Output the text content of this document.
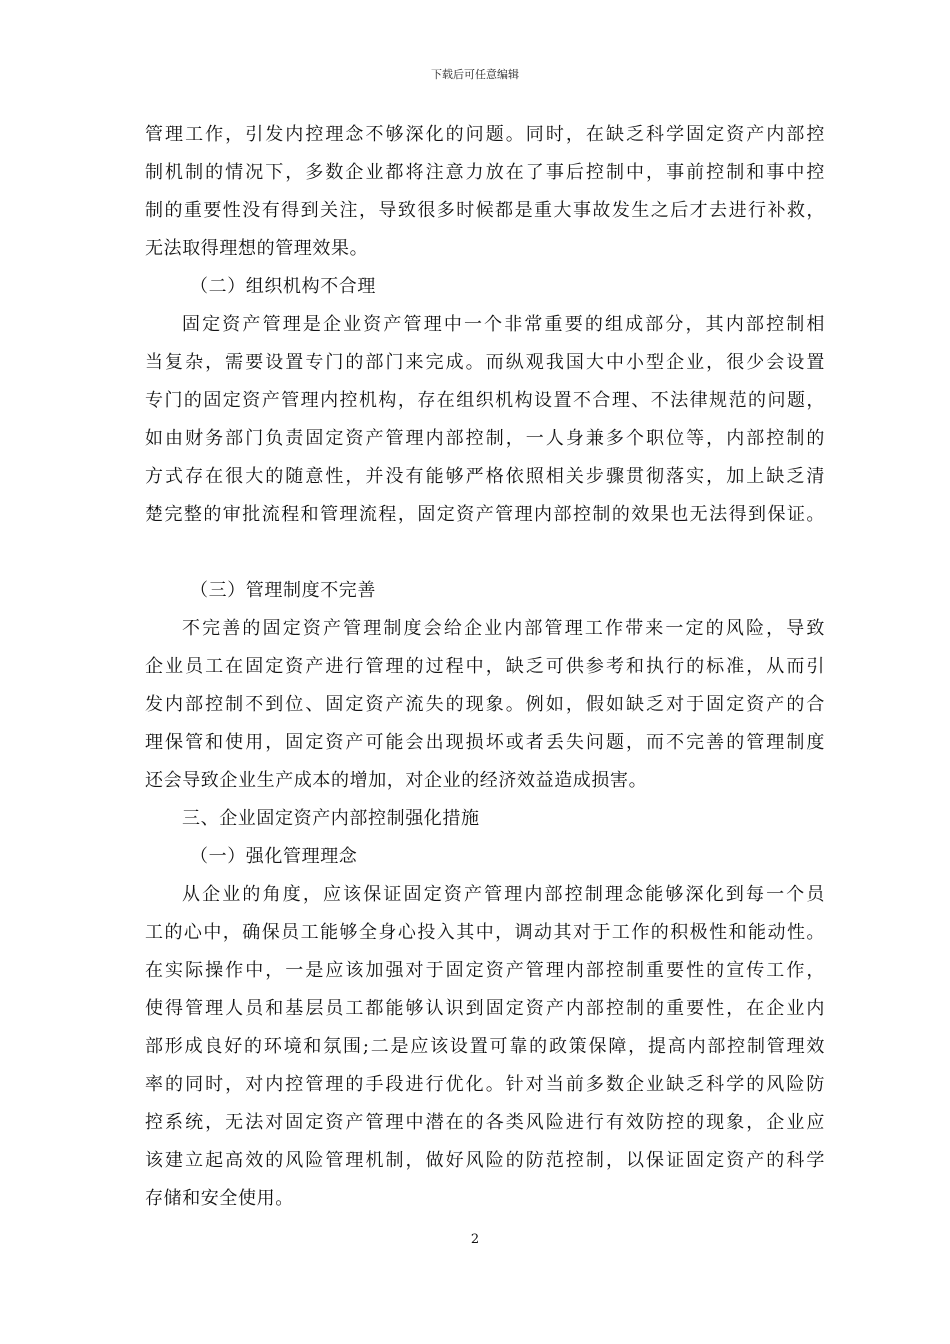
下载后可任意编辑
管理工作，引发内控理念不够深化的问题。同时，在缺乏科学固定资产内部控
制机制的情况下，多数企业都将注意力放在了事后控制中，事前控制和事中控
制的重要性没有得到关注，导致很多时候都是重大事故发生之后才去进行补救，
无法取得理想的管理效果。
（二）组织机构不合理
固定资产管理是企业资产管理中一个非常重要的组成部分，其内部控制相
当复杂，需要设置专门的部门来完成。而纵观我国大中小型企业，很少会设置
专门的固定资产管理内控机构，存在组织机构设置不合理、不法律规范的问题，
如由财务部门负责固定资产管理内部控制，一人身兼多个职位等，内部控制的
方式存在很大的随意性，并没有能够严格依照相关步骤贯彻落实，加上缺乏清
楚完整的审批流程和管理流程，固定资产管理内部控制的效果也无法得到保证。
（三）管理制度不完善
不完善的固定资产管理制度会给企业内部管理工作带来一定的风险，导致
企业员工在固定资产进行管理的过程中，缺乏可供参考和执行的标准，从而引
发内部控制不到位、固定资产流失的现象。例如，假如缺乏对于固定资产的合
理保管和使用，固定资产可能会出现损坏或者丢失问题，而不完善的管理制度
还会导致企业生产成本的增加，对企业的经济效益造成损害。
三、企业固定资产内部控制强化措施
（一）强化管理理念
从企业的角度，应该保证固定资产管理内部控制理念能够深化到每一个员
工的心中，确保员工能够全身心投入其中，调动其对于工作的积极性和能动性。
在实际操作中，一是应该加强对于固定资产管理内部控制重要性的宣传工作，
使得管理人员和基层员工都能够认识到固定资产内部控制的重要性，在企业内
部形成良好的环境和氛围;二是应该设置可靠的政策保障，提高内部控制管理效
率的同时，对内控管理的手段进行优化。针对当前多数企业缺乏科学的风险防
控系统，无法对固定资产管理中潜在的各类风险进行有效防控的现象，企业应
该建立起高效的风险管理机制，做好风险的防范控制，以保证固定资产的科学
存储和安全使用。
2
